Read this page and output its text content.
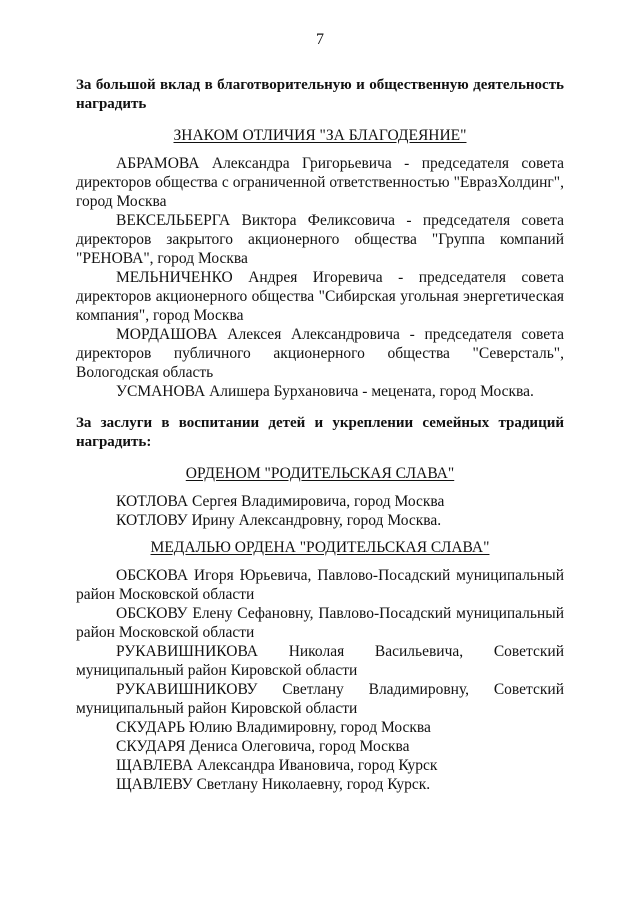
7
За большой вклад в благотворительную и общественную деятельность наградить
ЗНАКОМ ОТЛИЧИЯ "ЗА БЛАГОДЕЯНИЕ"
АБРАМОВА Александра Григорьевича - председателя совета директоров общества с ограниченной ответственностью "ЕвразХолдинг", город Москва
ВЕКСЕЛЬБЕРГА Виктора Феликсовича - председателя совета директоров закрытого акционерного общества "Группа компаний "РЕНОВА", город Москва
МЕЛЬНИЧЕНКО Андрея Игоревича - председателя совета директоров акционерного общества "Сибирская угольная энергетическая компания", город Москва
МОРДАШОВА Алексея Александровича - председателя совета директоров публичного акционерного общества "Северсталь", Вологодская область
УСМАНОВА Алишера Бурхановича - мецената, город Москва.
За заслуги в воспитании детей и укреплении семейных традиций наградить:
ОРДЕНОМ "РОДИТЕЛЬСКАЯ СЛАВА"
КОТЛОВА Сергея Владимировича, город Москва
КОТЛОВУ Ирину Александровну, город Москва.
МЕДАЛЬЮ ОРДЕНА "РОДИТЕЛЬСКАЯ СЛАВА"
ОБСКОВА Игоря Юрьевича, Павлово-Посадский муниципальный район Московской области
ОБСКОВУ Елену Сефановну, Павлово-Посадский муниципальный район Московской области
РУКАВИШНИКОВА Николая Васильевича, Советский муниципальный район Кировской области
РУКАВИШНИКОВУ Светлану Владимировну, Советский муниципальный район Кировской области
СКУДАРЬ Юлию Владимировну, город Москва
СКУДАРЯ Дениса Олеговича, город Москва
ЩАВЛЕВА Александра Ивановича, город Курск
ЩАВЛЕВУ Светлану Николаевну, город Курск.
